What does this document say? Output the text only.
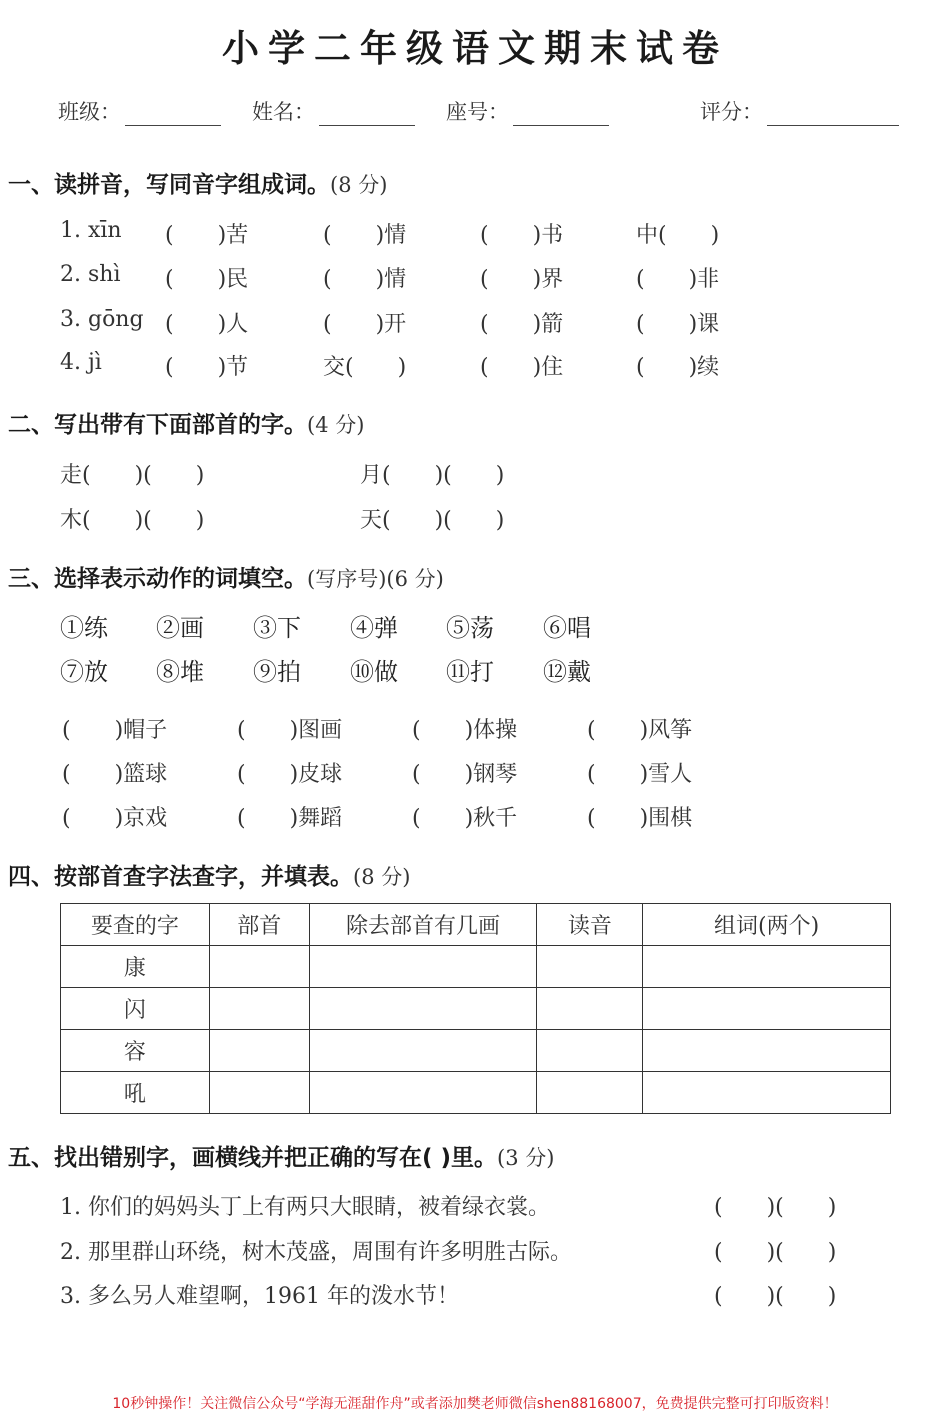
小学二年级语文期末试卷
班级：	姓名：	座号：	评分：
一、读拼音，写同音字组成词。(8 分)
1. xīn (　　)苦	(　　)情	(　　)书	中(　　)
2. shì (　　)民	(　　)情	(　　)界	(　　)非
3. gōng (　　)人	(　　)开	(　　)箭	(　　)课
4. jì	(　　)节	交(　　)	(　　)住	(　　)续
二、写出带有下面部首的字。(4 分)
走(　　)(　　)	月(　　)(　　)
木(　　)(　　)	天(　　)(　　)
三、选择表示动作的词填空。(写序号)(6 分)
①练 ②画 ③下 ④弹 ⑤荡 ⑥唱
⑦放 ⑧堆 ⑨拍 ⑩做 ⑪打 ⑫戴
(　　)帽子	(　　)图画	(　　)体操	(　　)风筝
(　　)篮球	(　　)皮球	(　　)钢琴	(　　)雪人
(　　)京戏	(　　)舞蹈	(　　)秋千	(　　)围棋
四、按部首查字法查字，并填表。(8 分)
要查的字	部首	除去部首有几画	读音	组词(两个)
康				
闪				
容				
吼				
五、找出错别字，画横线并把正确的写在( )里。(3 分)
1. 你们的妈妈头丁上有两只大眼睛，被着绿衣裳。	(　　)(　　)
2. 那里群山环绕，树木茂盛，周围有许多明胜古际。	(　　)(　　)
3. 多么另人难望啊，1961 年的泼水节！	(　　)(　　)
10秒钟操作！关注微信公众号“学海无涯甜作舟”或者添加樊老师微信shen88168007，免费提供完整可打印版资料！
